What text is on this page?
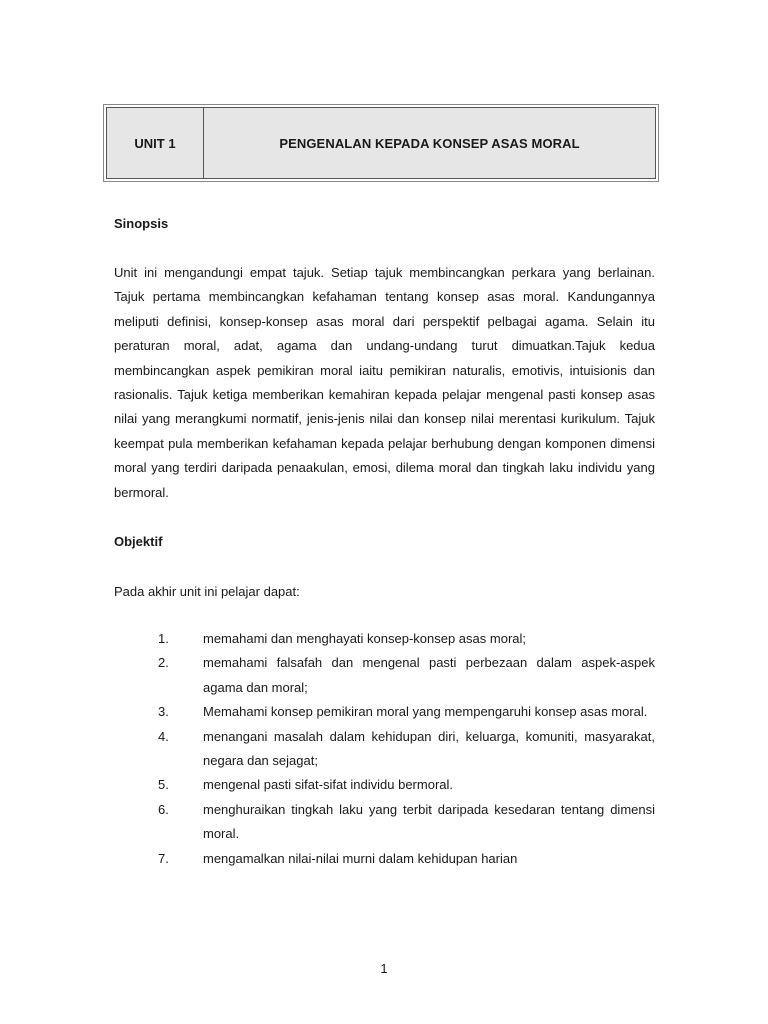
UNIT 1	PENGENALAN KEPADA KONSEP ASAS MORAL
Sinopsis
Unit ini mengandungi empat tajuk. Setiap tajuk membincangkan perkara yang berlainan. Tajuk pertama membincangkan kefahaman tentang konsep asas moral. Kandungannya meliputi definisi, konsep-konsep asas moral dari perspektif pelbagai agama. Selain itu peraturan moral, adat, agama dan undang-undang turut dimuatkan.Tajuk kedua membincangkan aspek pemikiran moral iaitu pemikiran naturalis, emotivis, intuisionis dan rasionalis. Tajuk ketiga memberikan kemahiran kepada pelajar mengenal pasti konsep asas nilai yang merangkumi normatif, jenis-jenis nilai dan konsep nilai merentasi kurikulum. Tajuk keempat pula memberikan kefahaman kepada pelajar berhubung dengan komponen dimensi moral yang terdiri daripada penaakulan, emosi, dilema moral dan tingkah laku individu yang bermoral.
Objektif
Pada akhir unit ini pelajar dapat:
1.	memahami dan menghayati konsep-konsep asas moral;
2.	memahami falsafah dan mengenal pasti perbezaan dalam aspek-aspek agama dan moral;
3.	Memahami konsep pemikiran moral yang mempengaruhi konsep asas moral.
4.	menangani masalah dalam kehidupan diri, keluarga, komuniti, masyarakat, negara dan sejagat;
5.	mengenal pasti sifat-sifat individu bermoral.
6.	menghuraikan tingkah laku yang terbit daripada kesedaran tentang dimensi moral.
7.	mengamalkan nilai-nilai murni dalam kehidupan harian
1
